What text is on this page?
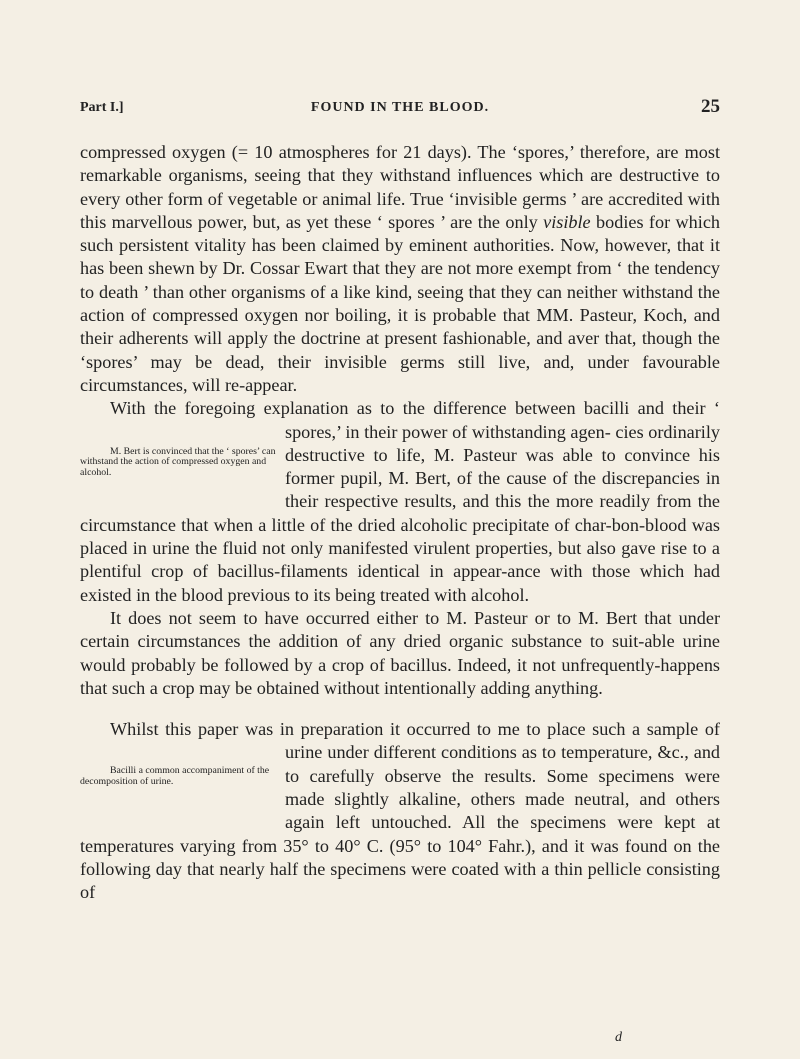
Part I.]	FOUND IN THE BLOOD.	25

compressed oxygen (= 10 atmospheres for 21 days). The ‘spores,’ therefore, are most remarkable organisms, seeing that they withstand influences which are destructive to every other form of vegetable or animal life. True ‘invisible germs ’ are accredited with this marvellous power, but, as yet these ‘ spores ’ are the only visible bodies for which such persistent vitality has been claimed by eminent authorities. Now, however, that it has been shewn by Dr. Cossar Ewart that they are not more exempt from ‘ the tendency to death ’ than other organisms of a like kind, seeing that they can neither withstand the action of compressed oxygen nor boiling, it is probable that MM. Pasteur, Koch, and their adherents will apply the doctrine at present fashionable, and aver that, though the ‘spores’ may be dead, their invisible germs still live, and, under favourable circumstances, will re-appear.

With the foregoing explanation as to the difference between bacilli and their ‘ spores,’ in their power of withstanding agen-
M. Bert is convinced that the ‘ spores’ can withstand the action of compressed oxygen and alcohol.
cies ordinarily destructive to life, M. Pasteur was able to convince his former pupil, M. Bert, of the cause of the discrepancies in their respective results, and this the more readily from the circumstance that when a little of the dried alcoholic precipitate of char-bon-blood was placed in urine the fluid not only manifested virulent properties, but also gave rise to a plentiful crop of bacillus-filaments identical in appear-ance with those which had existed in the blood previous to its being treated with alcohol.

It does not seem to have occurred either to M. Pasteur or to M. Bert that under certain circumstances the addition of any dried organic substance to suit-able urine would probably be followed by a crop of bacillus. Indeed, it not unfrequently-happens that such a crop may be obtained without intentionally adding anything.

Whilst this paper was in preparation it occurred to me to place such a sample of urine under different conditions as to
Bacilli a common accompaniment of the decomposition of urine.
temperature, &c., and to carefully observe the results. Some specimens were made slightly alkaline, others made neutral, and others again left untouched. All the specimens were kept at temperatures varying from 35° to 40° C. (95° to 104° Fahr.), and it was found on the following day that nearly half the specimens were coated with a thin pellicle consisting of

d
